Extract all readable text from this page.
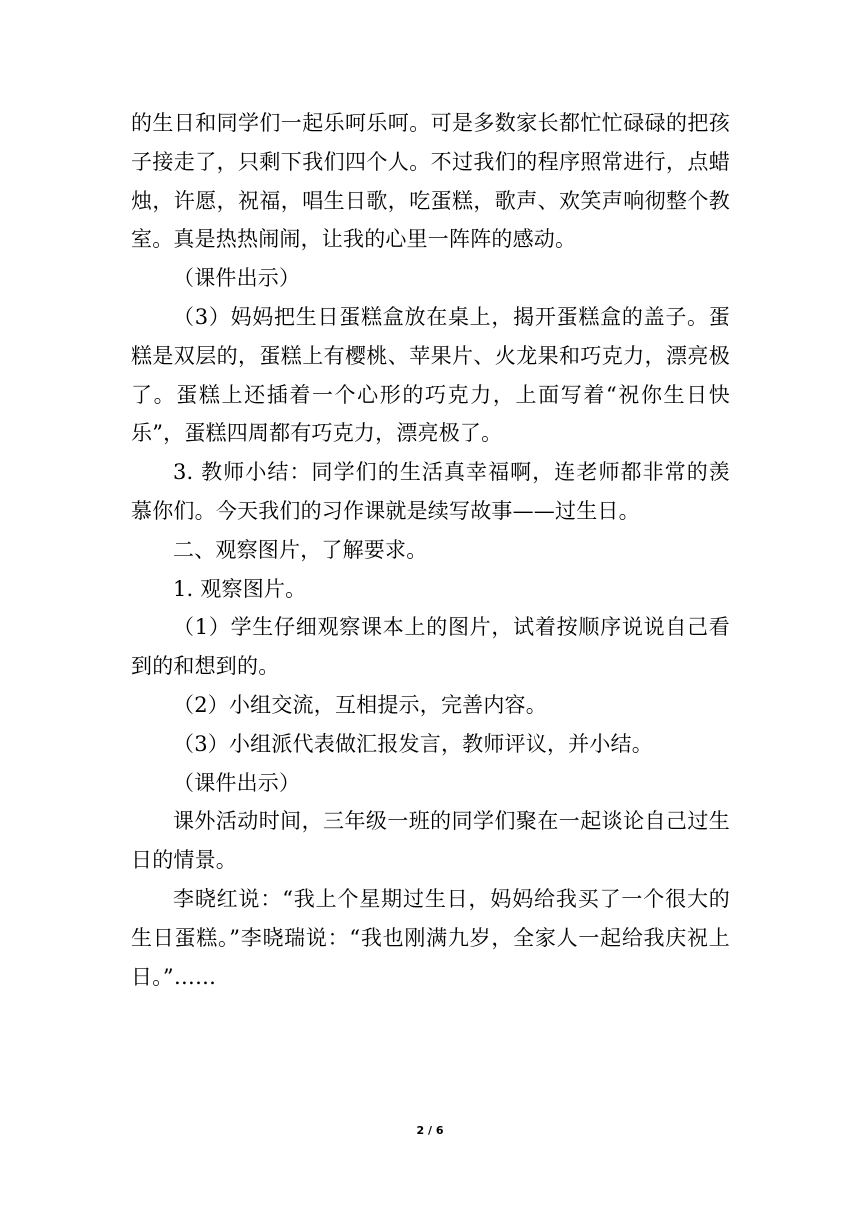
的生日和同学们一起乐呵乐呵。可是多数家长都忙忙碌碌的把孩子接走了，只剩下我们四个人。不过我们的程序照常进行，点蜡烛，许愿，祝福，唱生日歌，吃蛋糕，歌声、欢笑声响彻整个教室。真是热热闹闹，让我的心里一阵阵的感动。

（课件出示）

（3）妈妈把生日蛋糕盒放在桌上，揭开蛋糕盒的盖子。蛋糕是双层的，蛋糕上有樱桃、苹果片、火龙果和巧克力，漂亮极了。蛋糕上还插着一个心形的巧克力，上面写着“祝你生日快乐”，蛋糕四周都有巧克力，漂亮极了。

3. 教师小结：同学们的生活真幸福啊，连老师都非常的羡慕你们。今天我们的习作课就是续写故事——过生日。

二、观察图片，了解要求。

1. 观察图片。

（1）学生仔细观察课本上的图片，试着按顺序说说自己看到的和想到的。

（2）小组交流，互相提示，完善内容。

（3）小组派代表做汇报发言，教师评议，并小结。

（课件出示）

课外活动时间，三年级一班的同学们聚在一起谈论自己过生日的情景。

李晓红说：“我上个星期过生日，妈妈给我买了一个很大的生日蛋糕。”李晓瑞说：“我也刚满九岁，全家人一起给我庆祝上日。”……

2 / 6
